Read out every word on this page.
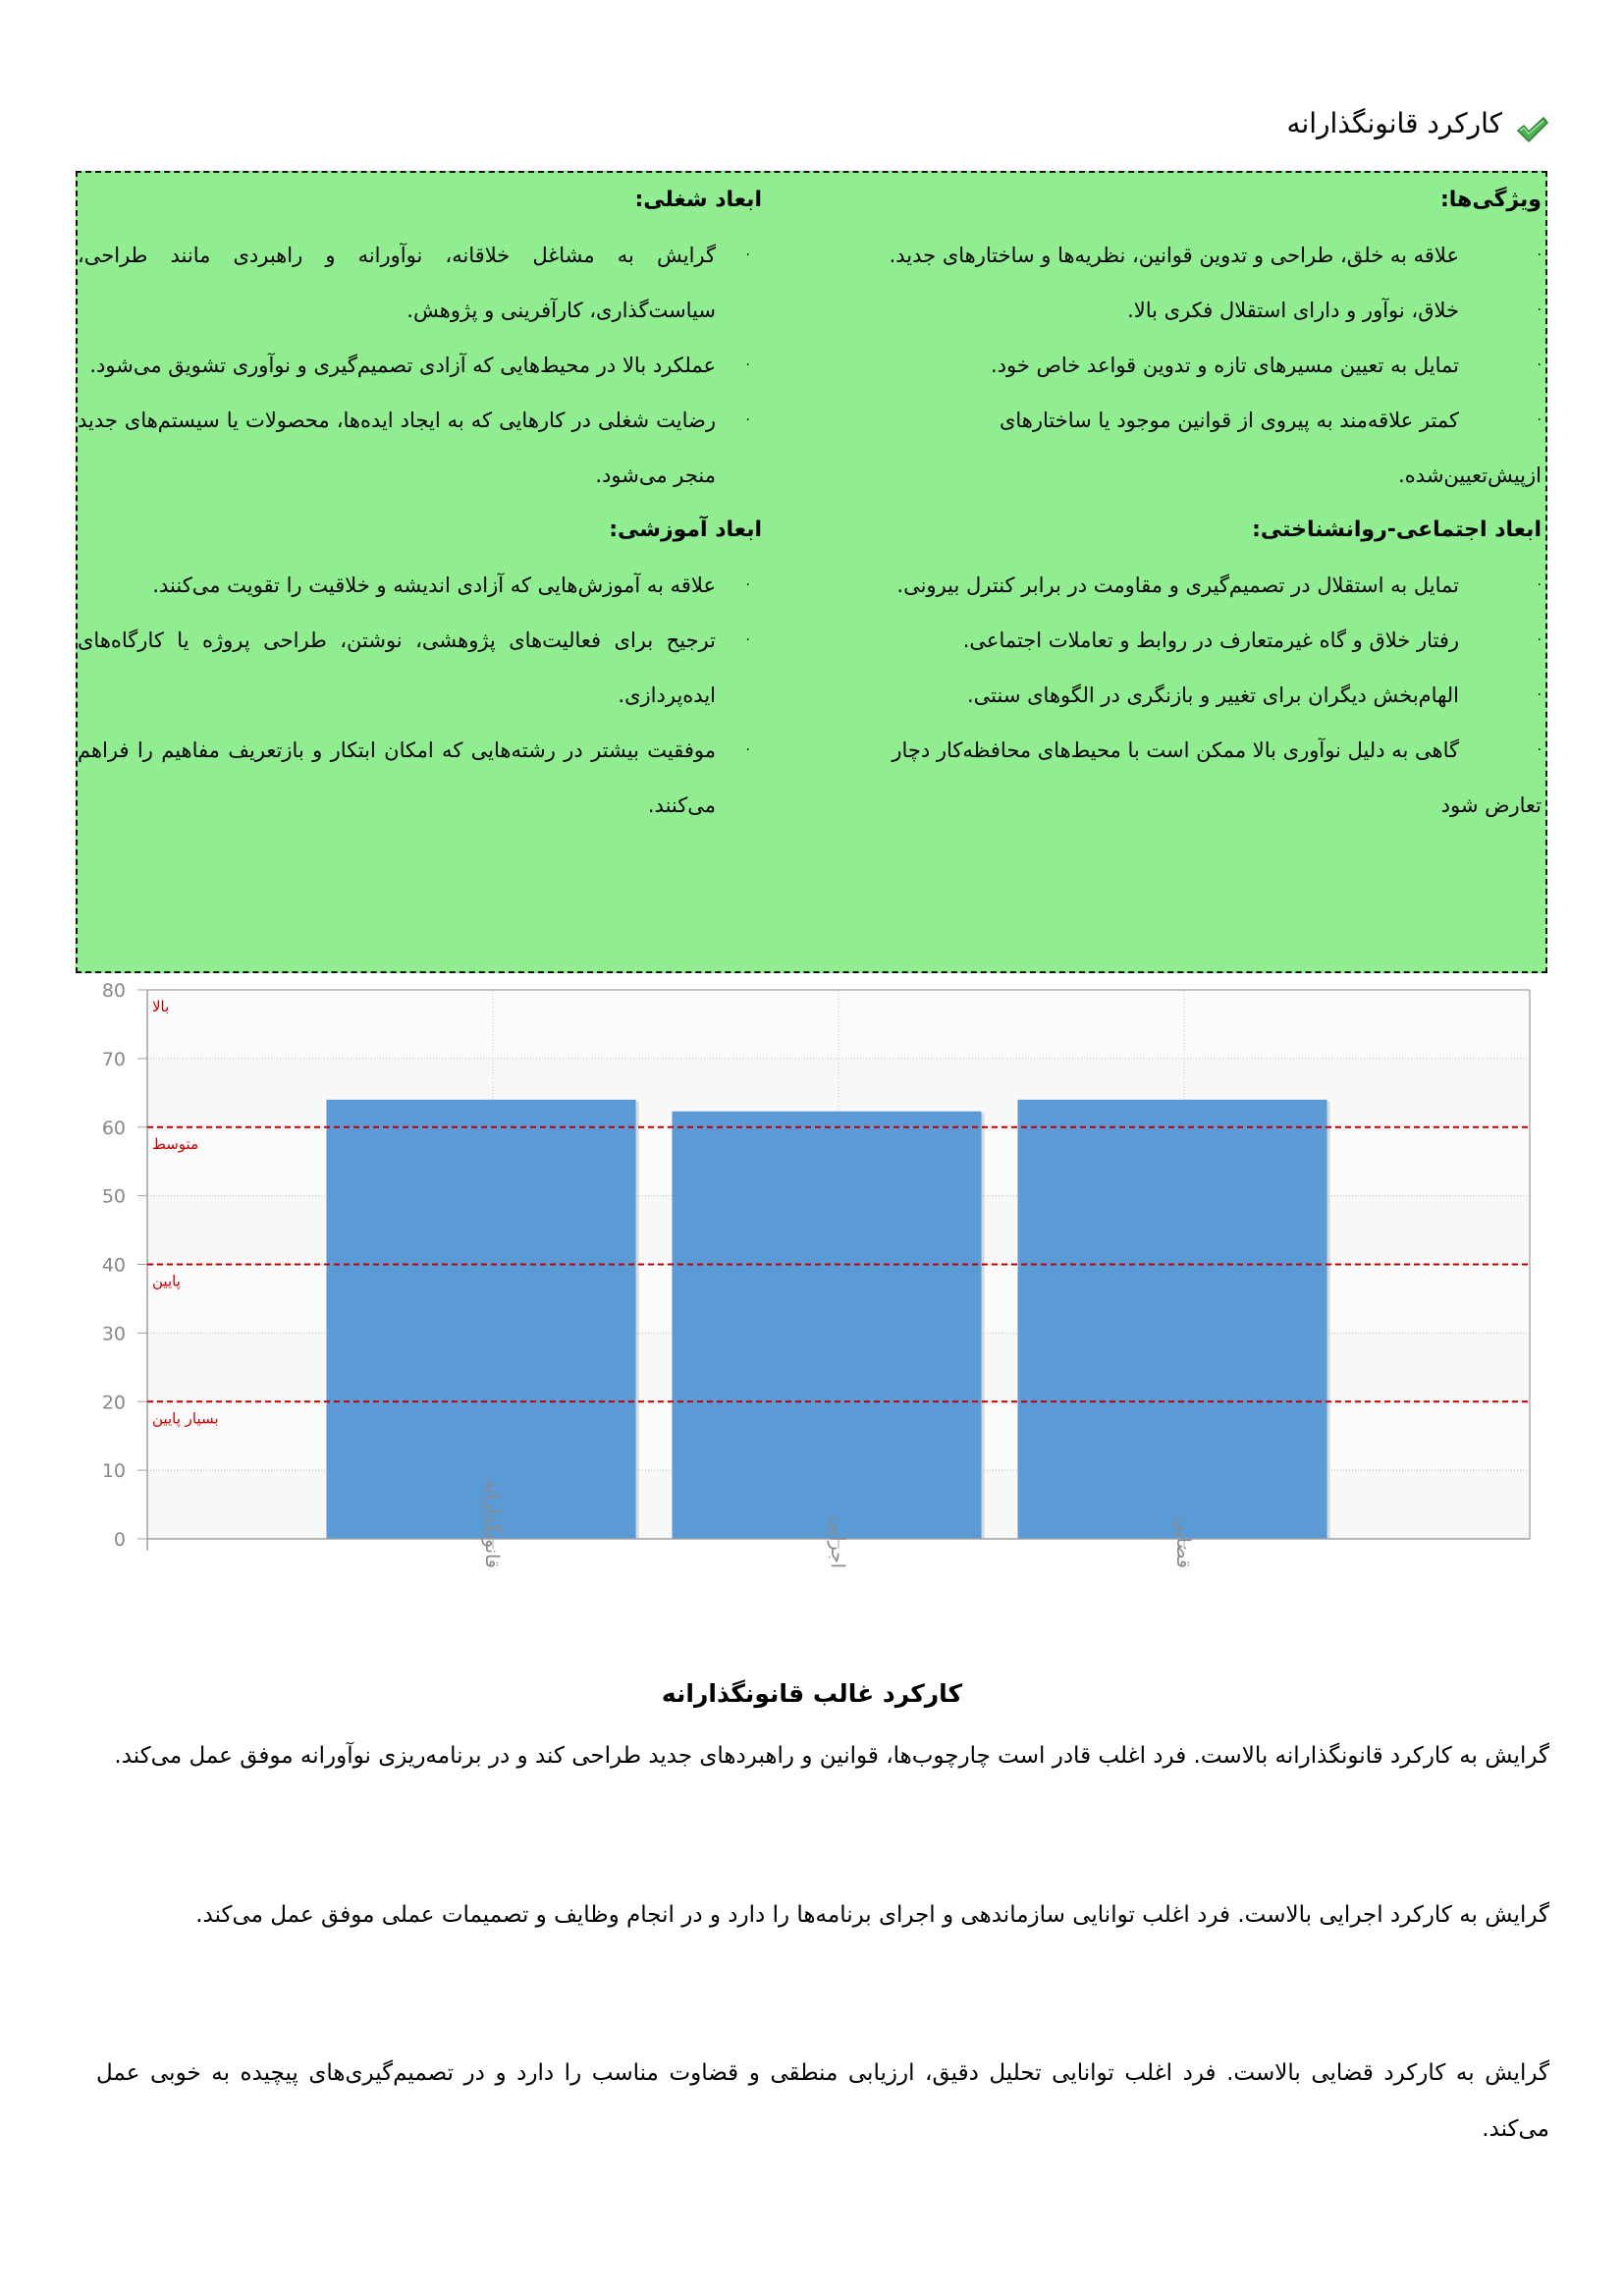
کارکرد قانونگذارانه
ویژگی‌ها:
·
علاقه به خلق، طراحی و تدوین قوانین، نظریه‌ها و ساختارهای جدید.
·
خلاق، نوآور و دارای استقلال فکری بالا.
·
تمایل به تعیین مسیرهای تازه و تدوین قواعد خاص خود.
·
کمتر علاقه‌مند به پیروی از قوانین موجود یا ساختارهای
ازپیش‌تعیین‌شده.
ابعاد اجتماعی-روانشناختی:
·
تمایل به استقلال در تصمیم‌گیری و مقاومت در برابر کنترل بیرونی.
·
رفتار خلاق و گاه غیرمتعارف در روابط و تعاملات اجتماعی.
·
الهام‌بخش دیگران برای تغییر و بازنگری در الگوهای سنتی.
·
گاهی به دلیل نوآوری بالا ممکن است با محیط‌های محافظه‌کار دچار
تعارض شود
ابعاد شغلی:
·
گرایش به مشاغل خلاقانه، نوآورانه و راهبردی مانند طراحی، سیاست‌گذاری، کارآفرینی و پژوهش.
·
عملکرد بالا در محیط‌هایی که آزادی تصمیم‌گیری و نوآوری تشویق می‌شود.
·
رضایت شغلی در کارهایی که به ایجاد ایده‌ها، محصولات یا سیستم‌های جدید منجر می‌شود.
ابعاد آموزشی:
·
علاقه به آموزش‌هایی که آزادی اندیشه و خلاقیت را تقویت می‌کنند.
·
ترجیح برای فعالیت‌های پژوهشی، نوشتن، طراحی پروژه یا کارگاه‌های ایده‌پردازی.
·
موفقیت بیشتر در رشته‌هایی که امکان ابتکار و بازتعریف مفاهیم را فراهم می‌کنند.
0
10
20
30
40
50
60
70
80
قانونگذارانه	اجرایی	قضایی
بالا
متوسط
پایین
بسیار پایین
کارکرد غالب قانونگذارانه
گرایش به کارکرد قانونگذارانه بالاست. فرد اغلب قادر است چارچوب‌ها، قوانین و راهبردهای جدید طراحی کند و در برنامه‌ریزی نوآورانه موفق عمل می‌کند.
گرایش به کارکرد اجرایی بالاست. فرد اغلب توانایی سازماندهی و اجرای برنامه‌ها را دارد و در انجام وظایف و تصمیمات عملی موفق عمل می‌کند.
گرایش به کارکرد قضایی بالاست. فرد اغلب توانایی تحلیل دقیق، ارزیابی منطقی و قضاوت مناسب را دارد و در تصمیم‌گیری‌های پیچیده به خوبی عمل می‌کند.
